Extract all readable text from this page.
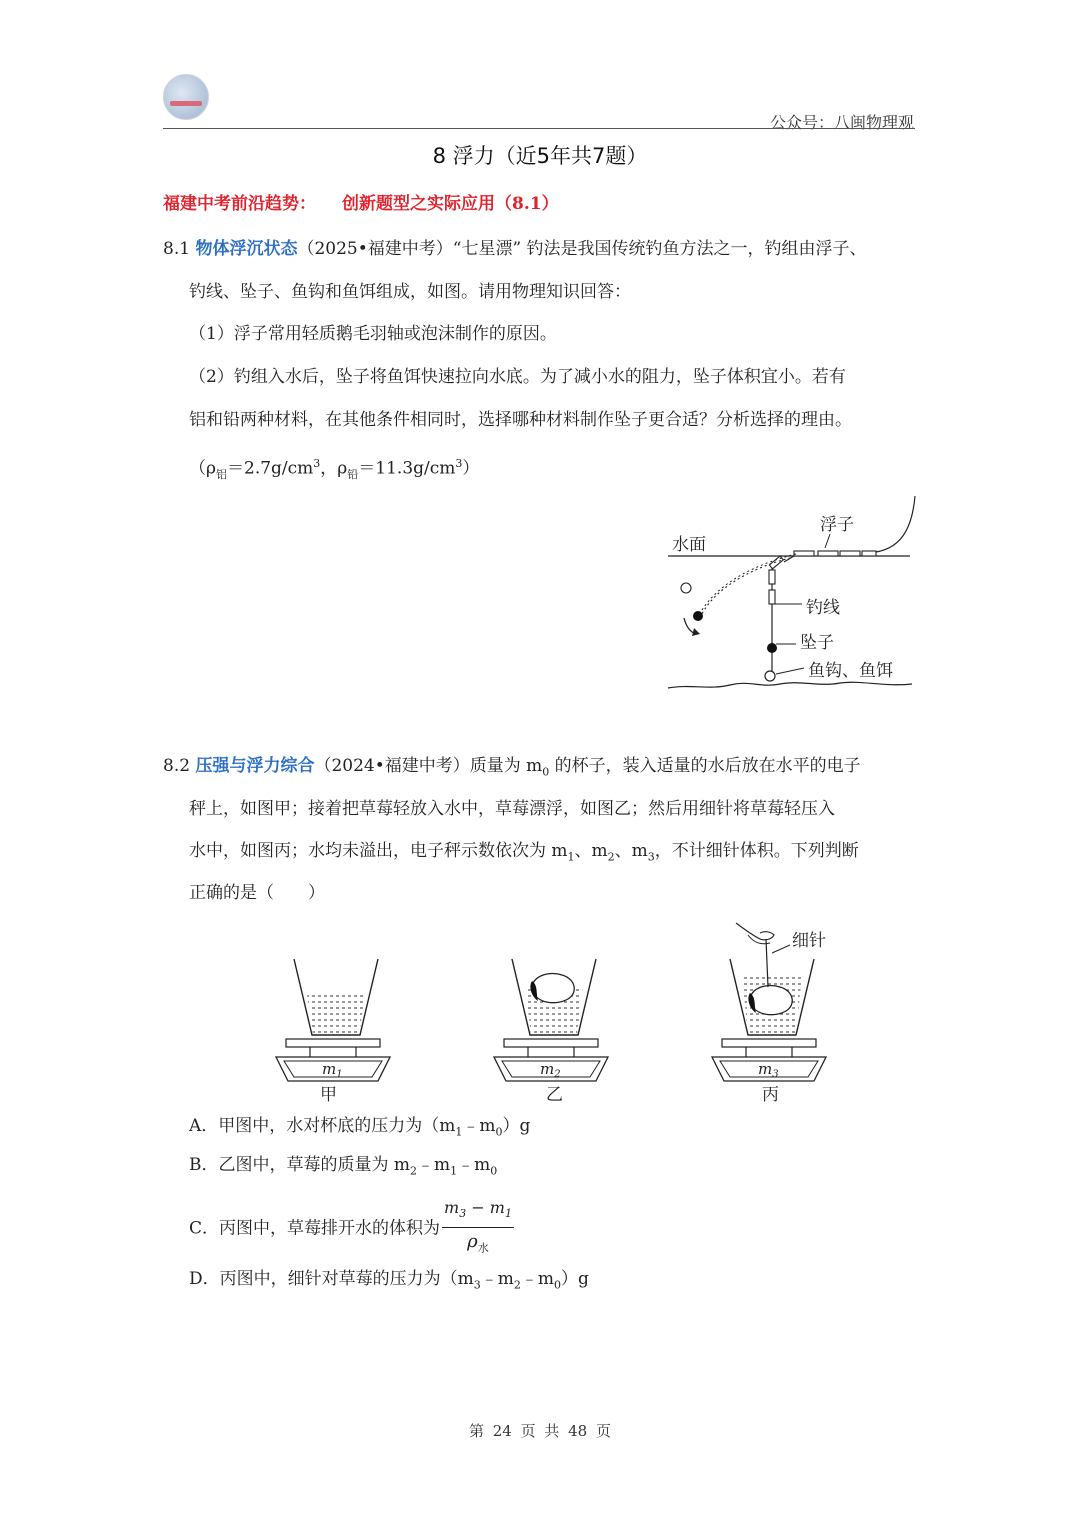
公众号：八闽物理观
8 浮力（近5年共7题）
福建中考前沿趋势： 创新题型之实际应用（8.1）
8.1 物体浮沉状态（2025•福建中考）“七星漂” 钓法是我国传统钓鱼方法之一，钓组由浮子、
钓线、坠子、鱼钩和鱼饵组成，如图。请用物理知识回答：
（1）浮子常用轻质鹅毛羽轴或泡沫制作的原因。
（2）钓组入水后，坠子将鱼饵快速拉向水底。为了减小水的阻力，坠子体积宜小。若有
铝和铅两种材料，在其他条件相同时，选择哪种材料制作坠子更合适？分析选择的理由。
（$\rho_铝=2.7g/cm^3$，$\rho_铅=11.3g/cm^3$）
水面
浮子
钓线
坠子
鱼钩、鱼饵
8.2 压强与浮力综合（2024•福建中考）质量为 $m_0$ 的杯子，装入适量的水后放在水平的电子
秤上，如图甲；接着把草莓轻放入水中，草莓漂浮，如图乙；然后用细针将草莓轻压入
水中，如图丙；水均未溢出，电子秤示数依次为 $m_1$、$m_2$、$m_3$，不计细针体积。下列判断
正确的是（　　）
$m_1$
甲
$m_2$
乙
细针
$m_3$
丙
A．甲图中，水对杯底的压力为$(m_1﹣m_0)g$
B．乙图中，草莓的质量为 $m_2﹣m_1﹣m_0$
C．丙图中，草莓排开水的体积为 $\frac{m_3 - m_1}{\rho_水}$
D．丙图中，细针对草莓的压力为$(m_3﹣m_2﹣m_0)g$
第 24 页 共 48 页
